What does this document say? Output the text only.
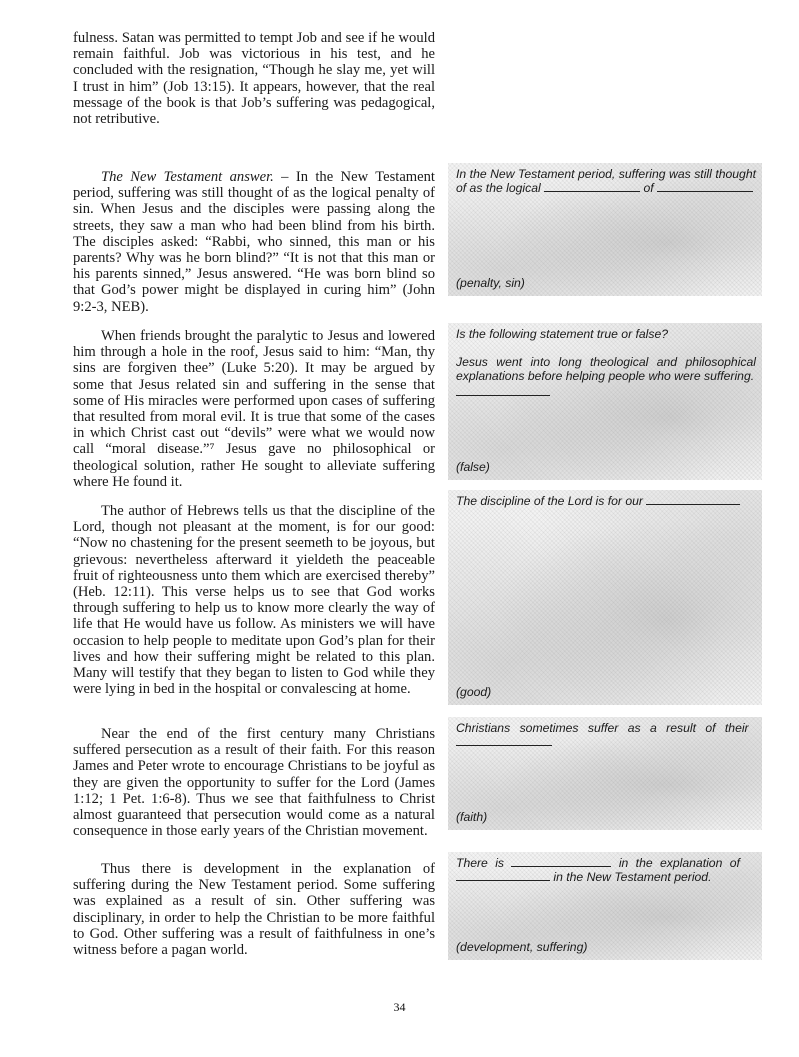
fulness. Satan was permitted to tempt Job and see if he would remain faithful. Job was victorious in his test, and he concluded with the resignation, “Though he slay me, yet will I trust in him” (Job 13:15). It appears, however, that the real message of the book is that Job’s suffering was pedagogical, not retributive.

The New Testament answer. – In the New Testament period, suffering was still thought of as the logical penalty of sin. When Jesus and the disciples were passing along the streets, they saw a man who had been blind from his birth. The disciples asked: “Rabbi, who sinned, this man or his parents? Why was he born blind?” “It is not that this man or his parents sinned,” Jesus answered. “He was born blind so that God’s power might be displayed in curing him” (John 9:2-3, NEB).

When friends brought the paralytic to Jesus and lowered him through a hole in the roof, Jesus said to him: “Man, thy sins are forgiven thee” (Luke 5:20). It may be argued by some that Jesus related sin and suffering in the sense that some of His miracles were performed upon cases of suffering that resulted from moral evil. It is true that some of the cases in which Christ cast out “devils” were what we would now call “moral disease.”⁷ Jesus gave no philosophical or theological solution, rather He sought to alleviate suffering where He found it.

The author of Hebrews tells us that the discipline of the Lord, though not pleasant at the moment, is for our good: “Now no chastening for the present seemeth to be joyous, but grievous: nevertheless afterward it yieldeth the peaceable fruit of righteousness unto them which are exercised thereby” (Heb. 12:11). This verse helps us to see that God works through suffering to help us to know more clearly the way of life that He would have us follow. As ministers we will have occasion to help people to meditate upon God’s plan for their lives and how their suffering might be related to this plan. Many will testify that they began to listen to God while they were lying in bed in the hospital or convalescing at home.

Near the end of the first century many Christians suffered persecution as a result of their faith. For this reason James and Peter wrote to encourage Christians to be joyful as they are given the opportunity to suffer for the Lord (James 1:12; 1 Pet. 1:6-8). Thus we see that faithfulness to Christ almost guaranteed that persecution would come as a natural consequence in those early years of the Christian movement.

Thus there is development in the explanation of suffering during the New Testament period. Some suffering was explained as a result of sin. Other suffering was disciplinary, in order to help the Christian to be more faithful to God. Other suffering was a result of faithfulness in one’s witness before a pagan world.

In the New Testament period, suffering was still thought of as the logical	of

(penalty, sin)

Is the following statement true or false?

Jesus went into long theological and philosophical explanations before helping people who were suffering.

(false)

The discipline of the Lord is for our

(good)

Christians sometimes suffer as a result of their

(faith)

There is	in the explanation of

in the New Testament period.

(development, suffering)
34
